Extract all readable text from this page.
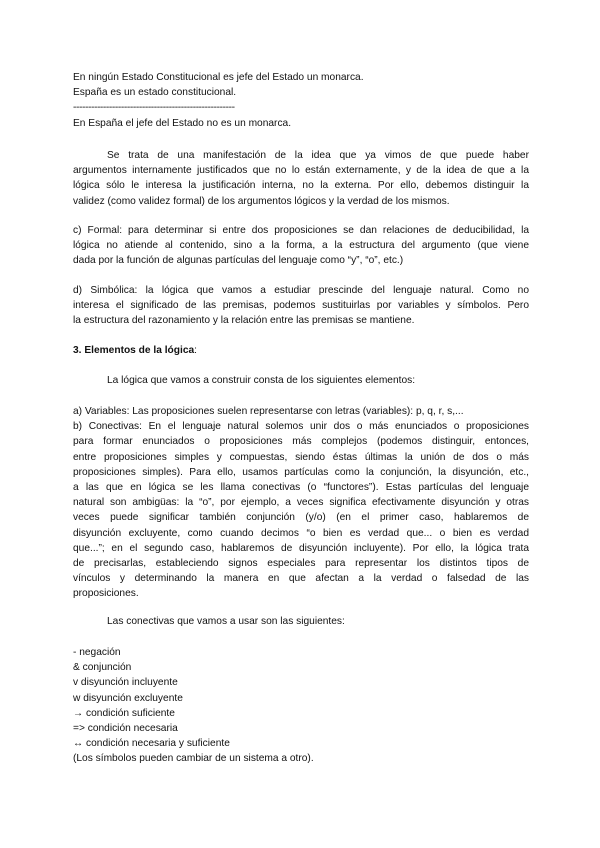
En ningún Estado Constitucional es jefe del Estado un monarca.
España es un estado constitucional.
------------------------------------------------------
En España el jefe del Estado no es un monarca.
Se trata de una manifestación de la idea que ya vimos de que puede haber
argumentos internamente justificados que no lo están externamente, y de la idea de que a la
lógica sólo le interesa la justificación interna, no la externa. Por ello, debemos distinguir la
validez (como validez formal) de los argumentos lógicos y la verdad de los mismos.
c) Formal: para determinar si entre dos proposiciones se dan relaciones de deducibilidad, la
lógica no atiende al contenido, sino a la forma, a la estructura del argumento (que viene
dada por la función de algunas partículas del lenguaje como “y”, “o”, etc.)
d) Simbólica: la lógica que vamos a estudiar prescinde del lenguaje natural. Como no
interesa el significado de las premisas, podemos sustituirlas por variables y símbolos. Pero
la estructura del razonamiento y la relación entre las premisas se mantiene.
3. Elementos de la lógica:
La lógica que vamos a construir consta de los siguientes elementos:
a) Variables: Las proposiciones suelen representarse con letras (variables): p, q, r, s,...
b) Conectivas: En el lenguaje natural solemos unir dos o más enunciados o proposiciones
para formar enunciados o proposiciones más complejos (podemos distinguir, entonces,
entre proposiciones simples y compuestas, siendo éstas últimas la unión de dos o más
proposiciones simples). Para ello, usamos partículas como la conjunción, la disyunción, etc.,
a las que en lógica se les llama conectivas (o “functores”). Estas partículas del lenguaje
natural son ambigüas: la “o”, por ejemplo, a veces significa efectivamente disyunción y otras
veces puede significar también conjunción (y/o) (en el primer caso, hablaremos de
disyunción excluyente, como cuando decimos “o bien es verdad que... o bien es verdad
que...”; en el segundo caso, hablaremos de disyunción incluyente). Por ello, la lógica trata
de precisarlas, estableciendo signos especiales para representar los distintos tipos de
vínculos y determinando la manera en que afectan a la verdad o falsedad de las
proposiciones.
Las conectivas que vamos a usar son las siguientes:
- negación
& conjunción
v disyunción incluyente
w disyunción excluyente
→ condición suficiente
=> condición necesaria
↔ condición necesaria y suficiente
(Los símbolos pueden cambiar de un sistema a otro).
